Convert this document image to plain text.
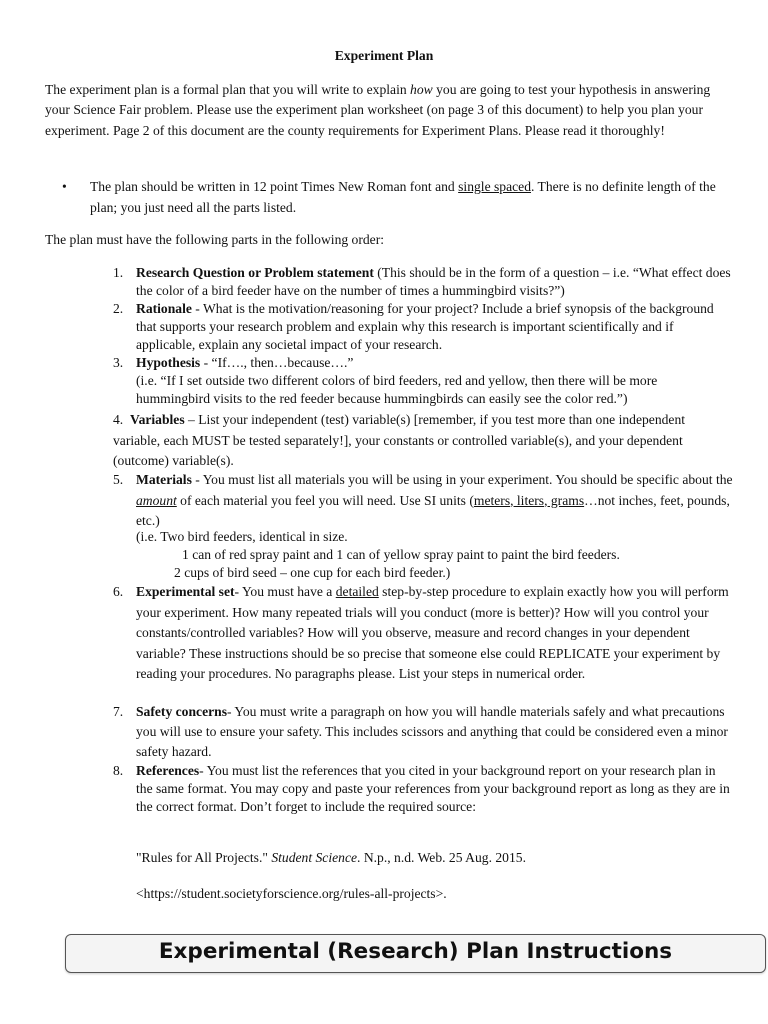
Experiment Plan
The experiment plan is a formal plan that you will write to explain how you are going to test your hypothesis in answering your Science Fair problem. Please use the experiment plan worksheet (on page 3 of this document) to help you plan your experiment. Page 2 of this document are the county requirements for Experiment Plans. Please read it thoroughly!
• The plan should be written in 12 point Times New Roman font and single spaced. There is no definite length of the plan; you just need all the parts listed.
The plan must have the following parts in the following order:
1. Research Question or Problem statement (This should be in the form of a question – i.e. “What effect does the color of a bird feeder have on the number of times a hummingbird visits?”)
2. Rationale - What is the motivation/reasoning for your project? Include a brief synopsis of the background that supports your research problem and explain why this research is important scientifically and if applicable, explain any societal impact of your research.
3. Hypothesis - “If…., then…because….”
(i.e. “If I set outside two different colors of bird feeders, red and yellow, then there will be more hummingbird visits to the red feeder because hummingbirds can easily see the color red.”)
4. Variables – List your independent (test) variable(s) [remember, if you test more than one independent variable, each MUST be tested separately!], your constants or controlled variable(s), and your dependent (outcome) variable(s).
5. Materials - You must list all materials you will be using in your experiment. You should be specific about the amount of each material you feel you will need. Use SI units (meters, liters, grams…not inches, feet, pounds, etc.)
(i.e. Two bird feeders, identical in size.
1 can of red spray paint and 1 can of yellow spray paint to paint the bird feeders.
2 cups of bird seed – one cup for each bird feeder.)
6. Experimental set- You must have a detailed step-by-step procedure to explain exactly how you will perform your experiment. How many repeated trials will you conduct (more is better)? How will you control your constants/controlled variables? How will you observe, measure and record changes in your dependent variable? These instructions should be so precise that someone else could REPLICATE your experiment by reading your procedures. No paragraphs please. List your steps in numerical order.
7. Safety concerns- You must write a paragraph on how you will handle materials safely and what precautions you will use to ensure your safety. This includes scissors and anything that could be considered even a minor safety hazard.
8. References- You must list the references that you cited in your background report on your research plan in the same format. You may copy and paste your references from your background report as long as they are in the correct format. Don’t forget to include the required source:
"Rules for All Projects." Student Science. N.p., n.d. Web. 25 Aug. 2015.
<https://student.societyforscience.org/rules-all-projects>.
Experimental (Research) Plan Instructions
